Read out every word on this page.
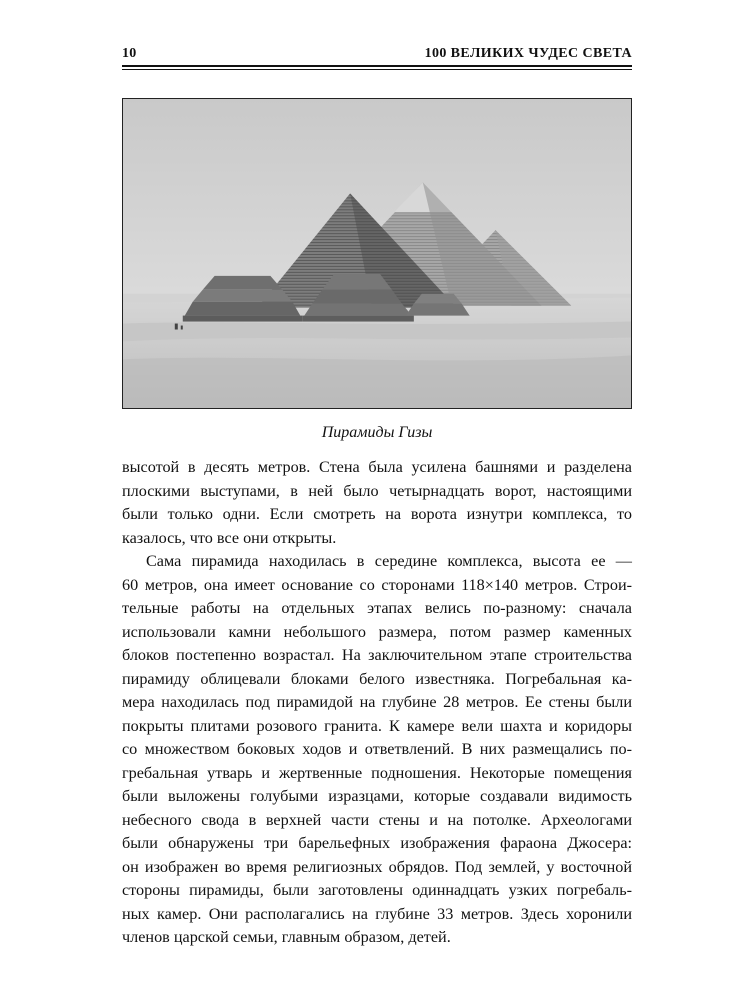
10	100 ВЕЛИКИХ ЧУДЕС СВЕТА
Пирамиды Гизы
высотой в десять метров. Стена была усилена башнями и разделена
плоскими выступами, в ней было четырнадцать ворот, настоящими
были только одни. Если смотреть на ворота изнутри комплекса, то
казалось, что все они открыты.
Сама пирамида находилась в середине комплекса, высота ее —
60 метров, она имеет основание со сторонами 118×140 метров. Строи-
тельные работы на отдельных этапах велись по-разному: сначала
использовали камни небольшого размера, потом размер каменных
блоков постепенно возрастал. На заключительном этапе строительства
пирамиду облицевали блоками белого известняка. Погребальная ка-
мера находилась под пирамидой на глубине 28 метров. Ее стены были
покрыты плитами розового гранита. К камере вели шахта и коридоры
со множеством боковых ходов и ответвлений. В них размещались по-
гребальная утварь и жертвенные подношения. Некоторые помещения
были выложены голубыми изразцами, которые создавали видимость
небесного свода в верхней части стены и на потолке. Археологами
были обнаружены три барельефных изображения фараона Джосера:
он изображен во время религиозных обрядов. Под землей, у восточной
стороны пирамиды, были заготовлены одиннадцать узких погребаль-
ных камер. Они располагались на глубине 33 метров. Здесь хоронили
членов царской семьи, главным образом, детей.
